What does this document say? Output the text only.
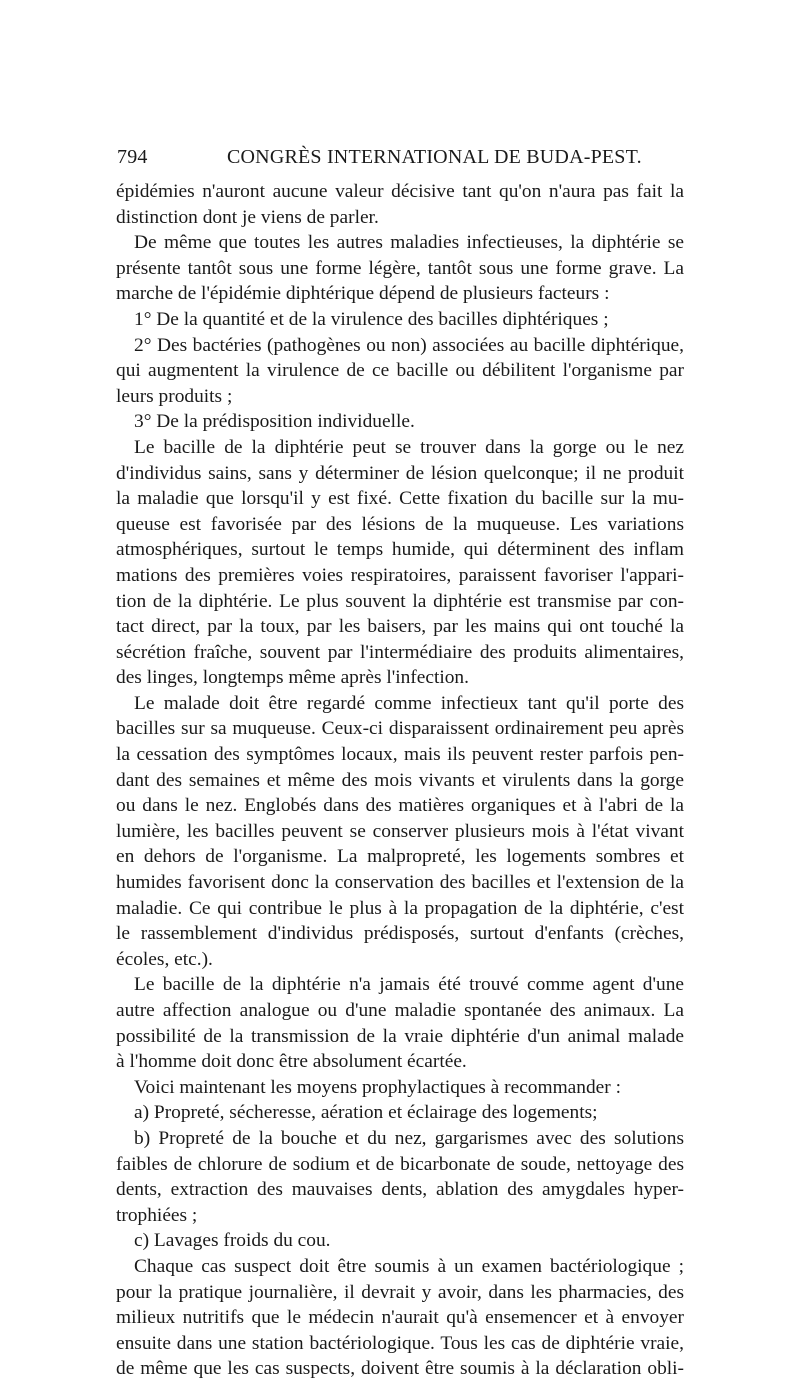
794	CONGRÈS INTERNATIONAL DE BUDA-PEST.
épidémies n'auront aucune valeur décisive tant qu'on n'aura pas fait la
distinction dont je viens de parler.
De même que toutes les autres maladies infectieuses, la diphtérie se
présente tantôt sous une forme légère, tantôt sous une forme grave. La
marche de l'épidémie diphtérique dépend de plusieurs facteurs :
1° De la quantité et de la virulence des bacilles diphtériques ;
2° Des bactéries (pathogènes ou non) associées au bacille diphtérique,
qui augmentent la virulence de ce bacille ou débilitent l'organisme par
leurs produits ;
3° De la prédisposition individuelle.
Le bacille de la diphtérie peut se trouver dans la gorge ou le nez
d'individus sains, sans y déterminer de lésion quelconque; il ne produit
la maladie que lorsqu'il y est fixé. Cette fixation du bacille sur la mu-
queuse est favorisée par des lésions de la muqueuse. Les variations
atmosphériques, surtout le temps humide, qui déterminent des inflam
mations des premières voies respiratoires, paraissent favoriser l'appari-
tion de la diphtérie. Le plus souvent la diphtérie est transmise par con-
tact direct, par la toux, par les baisers, par les mains qui ont touché la
sécrétion fraîche, souvent par l'intermédiaire des produits alimentaires,
des linges, longtemps même après l'infection.
Le malade doit être regardé comme infectieux tant qu'il porte des
bacilles sur sa muqueuse. Ceux-ci disparaissent ordinairement peu après
la cessation des symptômes locaux, mais ils peuvent rester parfois pen-
dant des semaines et même des mois vivants et virulents dans la gorge
ou dans le nez. Englobés dans des matières organiques et à l'abri de la
lumière, les bacilles peuvent se conserver plusieurs mois à l'état vivant
en dehors de l'organisme. La malpropreté, les logements sombres et
humides favorisent donc la conservation des bacilles et l'extension de la
maladie. Ce qui contribue le plus à la propagation de la diphtérie, c'est
le rassemblement d'individus prédisposés, surtout d'enfants (crèches,
écoles, etc.).
Le bacille de la diphtérie n'a jamais été trouvé comme agent d'une
autre affection analogue ou d'une maladie spontanée des animaux. La
possibilité de la transmission de la vraie diphtérie d'un animal malade
à l'homme doit donc être absolument écartée.
Voici maintenant les moyens prophylactiques à recommander :
a) Propreté, sécheresse, aération et éclairage des logements;
b) Propreté de la bouche et du nez, gargarismes avec des solutions
faibles de chlorure de sodium et de bicarbonate de soude, nettoyage des
dents, extraction des mauvaises dents, ablation des amygdales hyper-
trophiées ;
c) Lavages froids du cou.
Chaque cas suspect doit être soumis à un examen bactériologique ;
pour la pratique journalière, il devrait y avoir, dans les pharmacies, des
milieux nutritifs que le médecin n'aurait qu'à ensemencer et à envoyer
ensuite dans une station bactériologique. Tous les cas de diphtérie vraie,
de même que les cas suspects, doivent être soumis à la déclaration obli-
